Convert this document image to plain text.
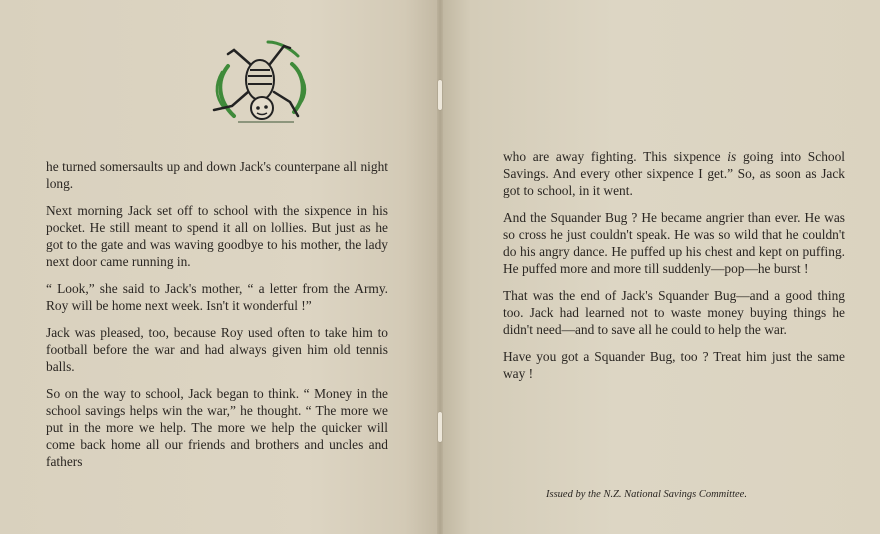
he turned somersaults up and down Jack's counterpane all night long.

Next morning Jack set off to school with the sixpence in his pocket. He still meant to spend it all on lollies. But just as he got to the gate and was waving goodbye to his mother, the lady next door came running in.

“ Look,” she said to Jack's mother, “ a letter from the Army. Roy will be home next week. Isn't it wonderful !”

Jack was pleased, too, because Roy used often to take him to football before the war and had always given him old tennis balls.

So on the way to school, Jack began to think. “ Money in the school savings helps win the war,” he thought. “ The more we put in the more we help. The more we help the quicker will come back home all our friends and brothers and uncles and fathers

who are away fighting. This sixpence is going into School Savings. And every other sixpence I get.” So, as soon as Jack got to school, in it went.

And the Squander Bug ? He became angrier than ever. He was so cross he just couldn't speak. He was so wild that he couldn't do his angry dance. He puffed up his chest and kept on puffing. He puffed more and more till suddenly—pop—he burst !

That was the end of Jack's Squander Bug—and a good thing too. Jack had learned not to waste money buying things he didn't need—and to save all he could to help the war.

Have you got a Squander Bug, too ? Treat him just the same way !

Issued by the N.Z. National Savings Committee.
